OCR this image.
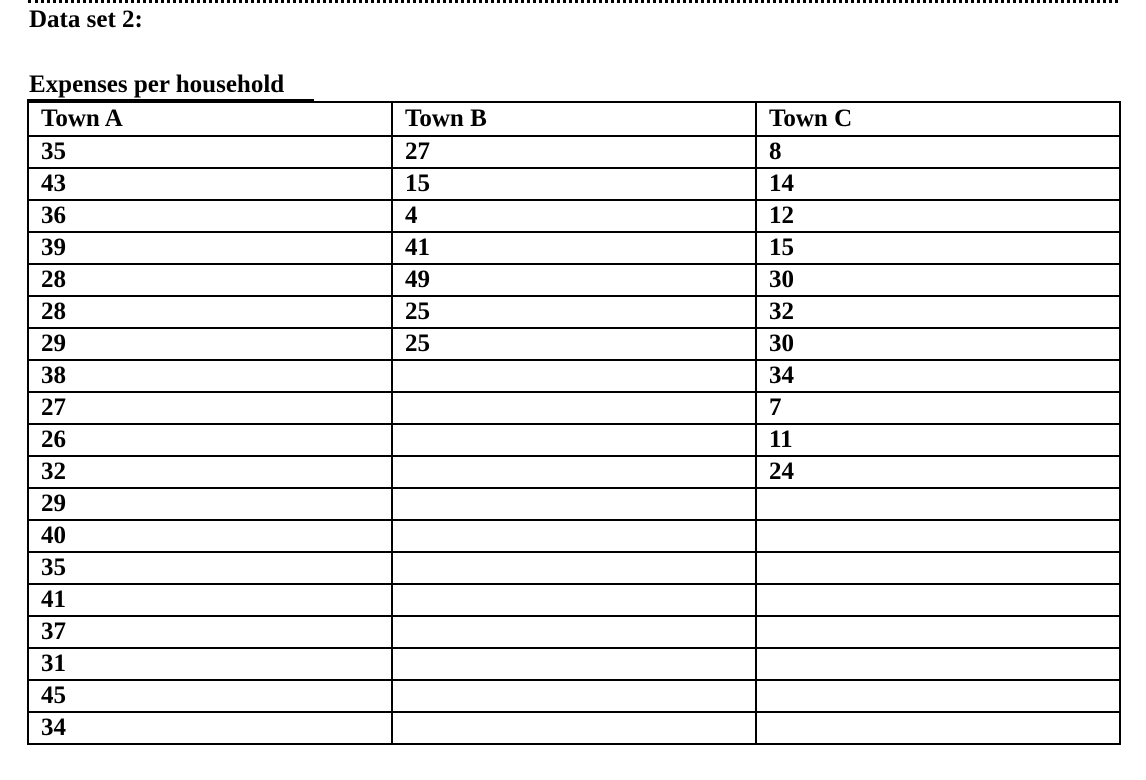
Data set 2:
Expenses per household
Town A	Town B	Town C
35	27	8
43	15	14
36	4	12
39	41	15
28	49	30
28	25	32
29	25	30
38		34
27		7
26		11
32		24
29		
40		
35		
41		
37		
31		
45		
34		
